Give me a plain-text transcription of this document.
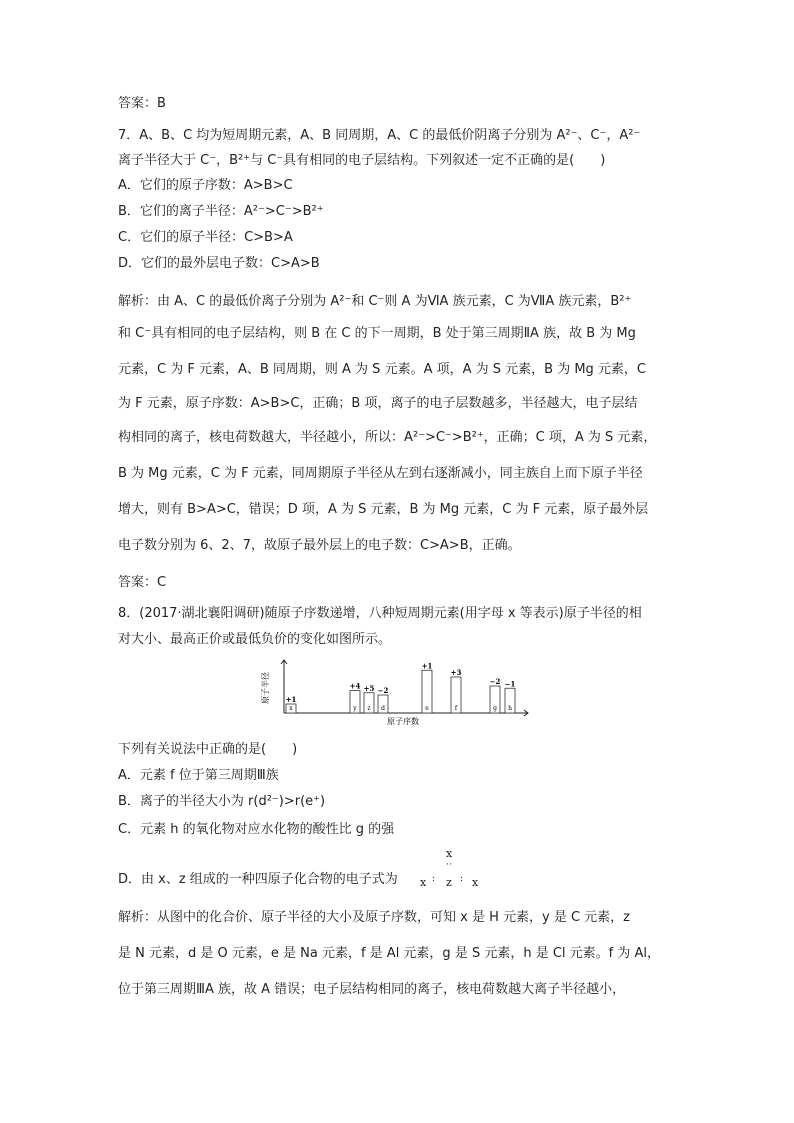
答案：B
7．A、B、C 均为短周期元素，A、B 同周期，A、C 的最低价阴离子分别为 A²⁻、C⁻，A²⁻
离子半径大于 C⁻，B²⁺与 C⁻具有相同的电子层结构。下列叙述一定不正确的是(　　)
A．它们的原子序数：A>B>C
B．它们的离子半径：A²⁻>C⁻>B²⁺
C．它们的原子半径：C>B>A
D．它们的最外层电子数：C>A>B
解析：由 A、C 的最低价离子分别为 A²⁻和 C⁻则 A 为ⅥA 族元素，C 为ⅦA 族元素，B²⁺
和 C⁻具有相同的电子层结构，则 B 在 C 的下一周期，B 处于第三周期ⅡA 族，故 B 为 Mg
元素，C 为 F 元素，A、B 同周期，则 A 为 S 元素。A 项，A 为 S 元素，B 为 Mg 元素，C
为 F 元素，原子序数：A>B>C，正确；B 项，离子的电子层数越多，半径越大，电子层结
构相同的离子，核电荷数越大，半径越小，所以：A²⁻>C⁻>B²⁺，正确；C 项，A 为 S 元素，
B 为 Mg 元素，C 为 F 元素，同周期原子半径从左到右逐渐减小，同主族自上而下原子半径
增大，则有 B>A>C，错误；D 项，A 为 S 元素，B 为 Mg 元素，C 为 F 元素，原子最外层
电子数分别为 6、2、7，故原子最外层上的电子数：C>A>B，正确。
答案：C
8．(2017·湖北襄阳调研)随原子序数递增，八种短周期元素(用字母 x 等表示)原子半径的相
对大小、最高正价或最低负价的变化如图所示。
下列有关说法中正确的是(　　)
A．元素 f 位于第三周期Ⅲ族
B．离子的半径大小为 r(d²⁻)>r(e⁺)
C．元素 h 的氧化物对应水化物的酸性比 g 的强
D．由 x、z 组成的一种四原子化合物的电子式为
解析：从图中的化合价、原子半径的大小及原子序数，可知 x 是 H 元素，y 是 C 元素，z
是 N 元素，d 是 O 元素，e 是 Na 元素，f 是 Al 元素，g 是 S 元素，h 是 Cl 元素。f 为 Al，
位于第三周期ⅢA 族，故 A 错误；电子层结构相同的离子，核电荷数越大离子半径越小，
原子半径
原子序数
x
+1
y
+4
z
+5
d
−2
e
+1
f
+3
g
−2
h
−1
x
··
x : z : x
